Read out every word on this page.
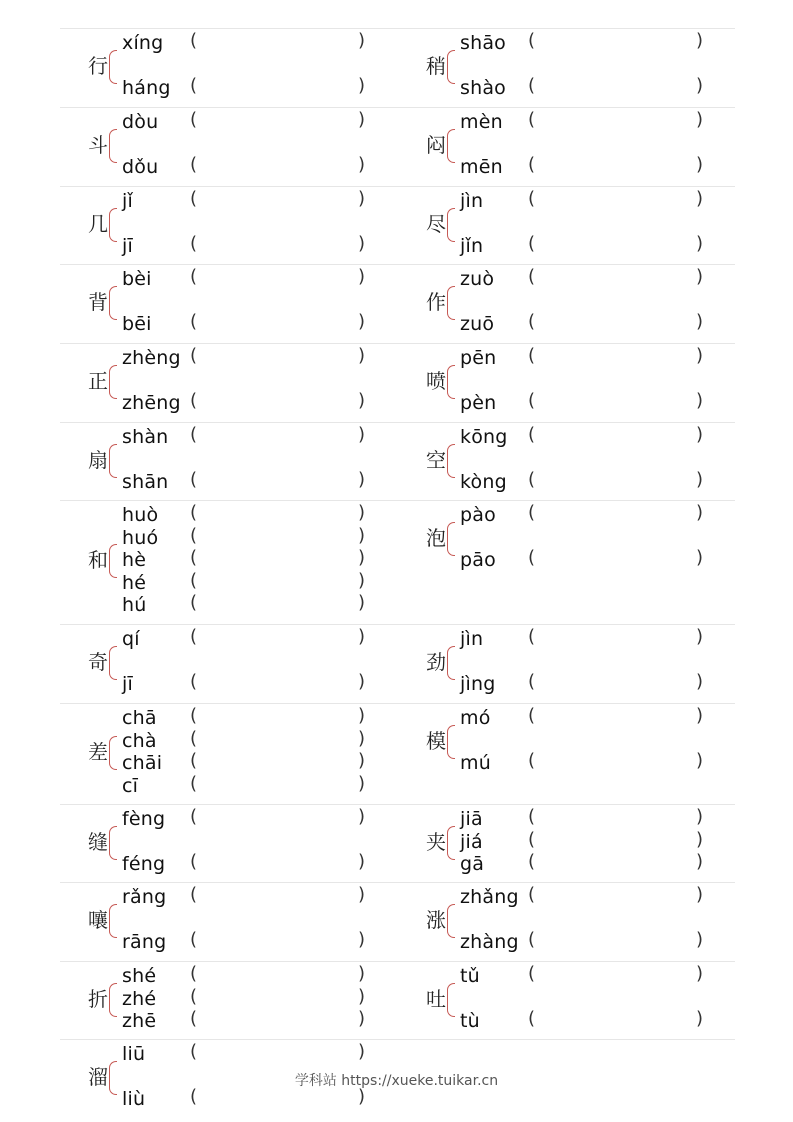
行
xíng (	)
háng (	)
稍
shāo (	)
shào (	)
斗
dòu (	)
dǒu (	)
闷
mèn (	)
mēn (	)
几
jǐ	(	)
jī	(	)
尽
jìn (	)
jǐn (	)
背
bèi (	)
bēi (	)
作
zuò (	)
zuō (	)
正
zhèng (	)
zhēng (	)
喷
pēn (	)
pèn (	)
扇
shàn (	)
shān (	)
空
kōng (	)
kòng (	)
和
huò (	)
huó (	)
hè (	)
hé (	)
hú (	)
泡
pào (	)
pāo (	)
奇
qí	(	)
jī	(	)
劲
jìn (	)
jìng (	)
差
chā (	)
chà (	)
chāi (	)
cī	(	)
模
mó (	)
mú (	)
缝
fèng (	)
féng (	)
夹
jiā	(	)
jiá	(	)
gā (	)
嚷
rǎng (	)
rāng (	)
涨
zhǎng (	)
zhàng (	)
折
shé (	)
zhé (	)
zhē (	)
吐
tǔ	(	)
tù	(	)
溜
liū (	)
liù (	)
学科站 https://xueke.tuikar.cn
